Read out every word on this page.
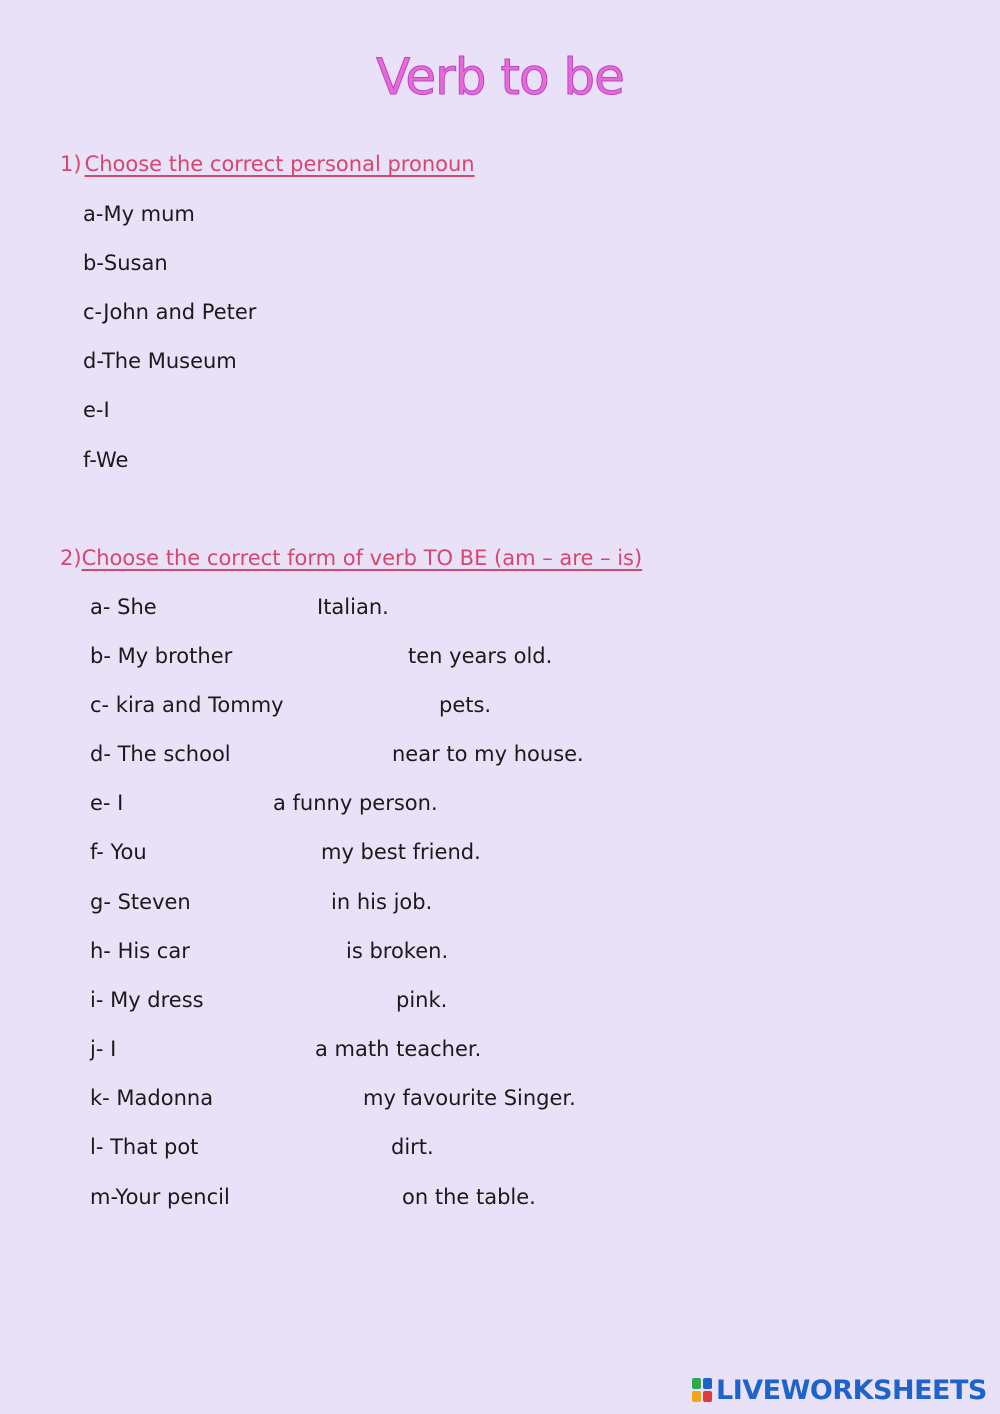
Verb to be
1) Choose the correct personal pronoun
a-My mum
b-Susan
c-John and Peter
d-The Museum
e-I
f-We
2)Choose the correct form of verb TO BE (am – are – is)
a- She	Italian.
b- My brother	ten years old.
c- kira and Tommy	pets.
d- The school	near to my house.
e- I	a funny person.
f- You	my best friend.
g- Steven	in his job.
h- His car	is broken.
i- My dress	pink.
j- I	a math teacher.
k- Madonna	my favourite Singer.
l- That pot	dirt.
m-Your pencil	on the table.
LIVEWORKSHEETS
